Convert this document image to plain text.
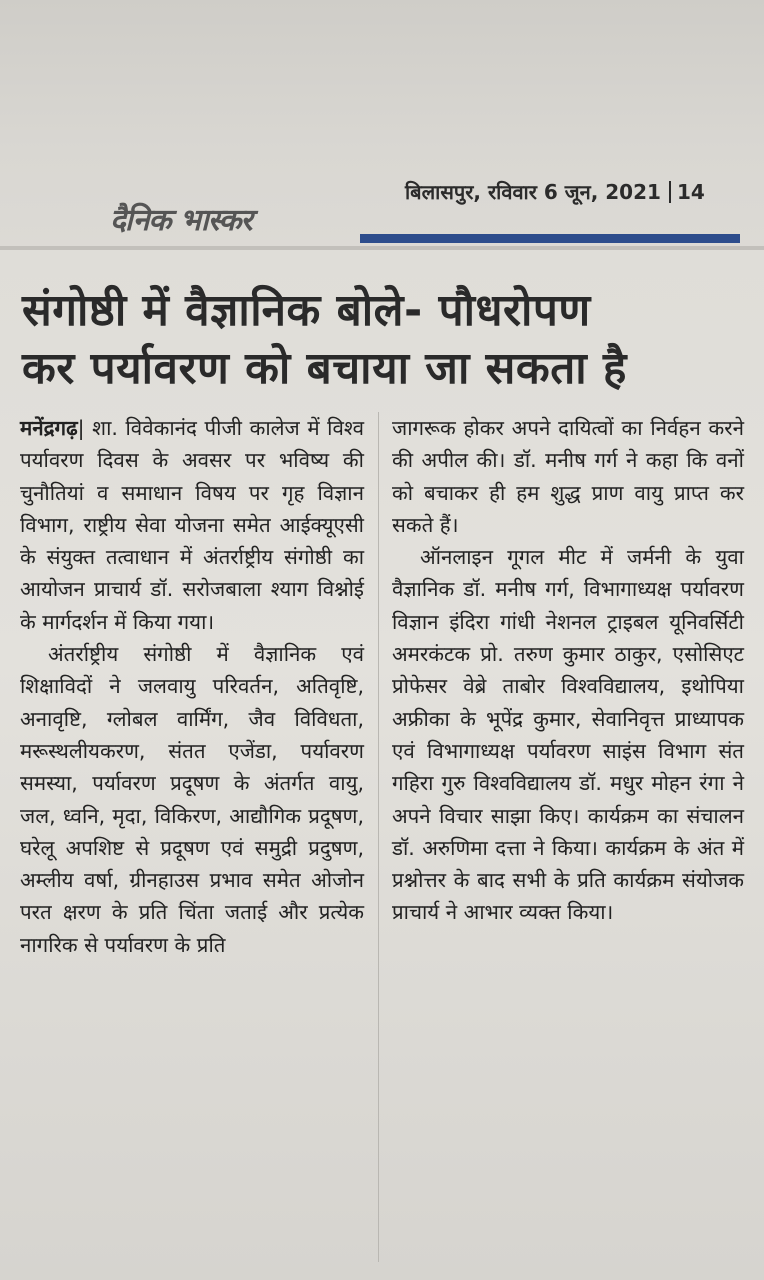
दैनिक भास्कर
बिलासपुर, रविवार 6 जून, 2021 14
संगोष्ठी में वैज्ञानिक बोले- पौधरोपण
कर पर्यावरण को बचाया जा सकता है

मनेंद्रगढ़| शा. विवेकानंद पीजी कालेज में विश्व पर्यावरण दिवस के अवसर पर भविष्य की चुनौतियां व समाधान विषय पर गृह विज्ञान विभाग, राष्ट्रीय सेवा योजना समेत आईक्यूएसी के संयुक्त तत्वाधान में अंतर्राष्ट्रीय संगोष्ठी का आयोजन प्राचार्य डॉ. सरोजबाला श्याग विश्नोई के मार्गदर्शन में किया गया।

अंतर्राष्ट्रीय संगोष्ठी में वैज्ञानिक एवं शिक्षाविदों ने जलवायु परिवर्तन, अतिवृष्टि, अनावृष्टि, ग्लोबल वार्मिंग, जैव विविधता, मरूस्थलीयकरण, संतत एजेंडा, पर्यावरण समस्या, पर्यावरण प्रदूषण के अंतर्गत वायु, जल, ध्वनि, मृदा, विकिरण, आद्यौगिक प्रदूषण, घरेलू अपशिष्ट से प्रदूषण एवं समुद्री प्रदुषण, अम्लीय वर्षा, ग्रीनहाउस प्रभाव समेत ओजोन परत क्षरण के प्रति चिंता जताई और प्रत्येक नागरिक से पर्यावरण के प्रति

जागरूक होकर अपने दायित्वों का निर्वहन करने की अपील की। डॉ. मनीष गर्ग ने कहा कि वनों को बचाकर ही हम शुद्ध प्राण वायु प्राप्त कर सकते हैं।

ऑनलाइन गूगल मीट में जर्मनी के युवा वैज्ञानिक डॉ. मनीष गर्ग, विभागाध्यक्ष पर्यावरण विज्ञान इंदिरा गांधी नेशनल ट्राइबल यूनिवर्सिटी अमरकंटक प्रो. तरुण कुमार ठाकुर, एसोसिएट प्रोफेसर वेब्रे ताबोर विश्वविद्यालय, इथोपिया अफ्रीका के भूपेंद्र कुमार, सेवानिवृत्त प्राध्यापक एवं विभागाध्यक्ष पर्यावरण साइंस विभाग संत गहिरा गुरु विश्वविद्यालय डॉ. मधुर मोहन रंगा ने अपने विचार साझा किए। कार्यक्रम का संचालन डॉ. अरुणिमा दत्ता ने किया। कार्यक्रम के अंत में प्रश्नोत्तर के बाद सभी के प्रति कार्यक्रम संयोजक प्राचार्य ने आभार व्यक्त किया।
